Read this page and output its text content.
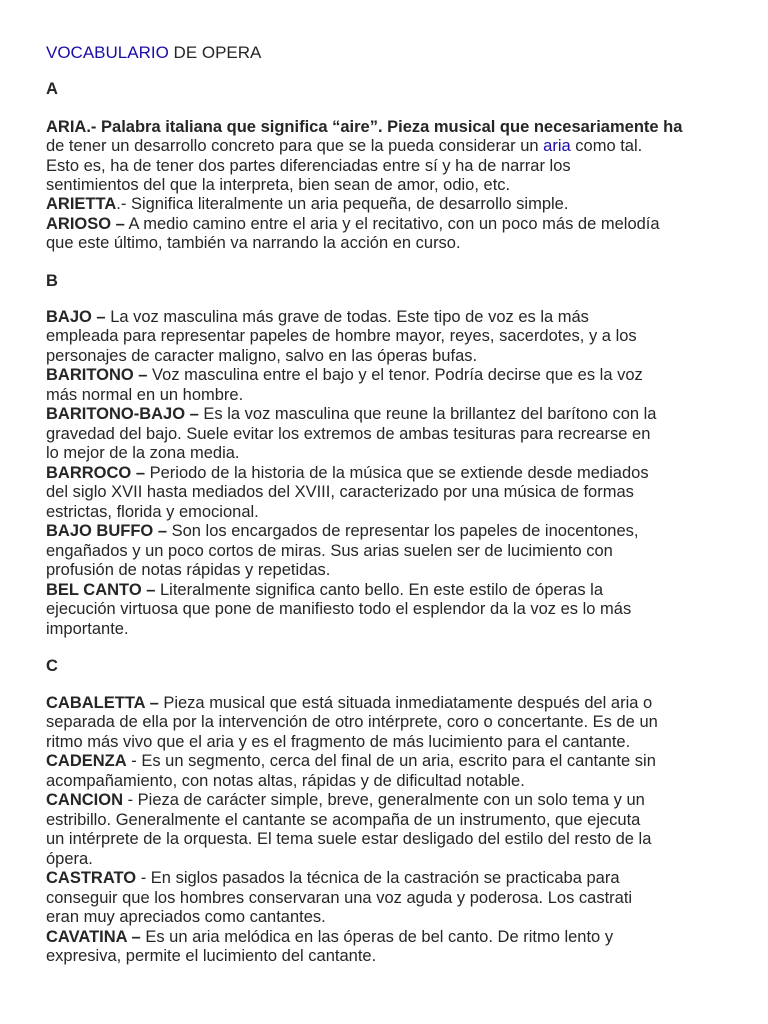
VOCABULARIO DE OPERA
A
ARIA.- Palabra italiana que significa “aire”. Pieza musical que necesariamente ha
de tener un desarrollo concreto para que se la pueda considerar un aria como tal.
Esto es, ha de tener dos partes diferenciadas entre sí y ha de narrar los
sentimientos del que la interpreta, bien sean de amor, odio, etc.
ARIETTA.- Significa literalmente un aria pequeña, de desarrollo simple.
ARIOSO – A medio camino entre el aria y el recitativo, con un poco más de melodía
que este último, también va narrando la acción en curso.
B
BAJO – La voz masculina más grave de todas. Este tipo de voz es la más
empleada para representar papeles de hombre mayor, reyes, sacerdotes, y a los
personajes de caracter maligno, salvo en las óperas bufas.
BARITONO – Voz masculina entre el bajo y el tenor. Podría decirse que es la voz
más normal en un hombre.
BARITONO-BAJO – Es la voz masculina que reune la brillantez del barítono con la
gravedad del bajo. Suele evitar los extremos de ambas tesituras para recrearse en
lo mejor de la zona media.
BARROCO – Periodo de la historia de la música que se extiende desde mediados
del siglo XVII hasta mediados del XVIII, caracterizado por una música de formas
estrictas, florida y emocional.
BAJO BUFFO – Son los encargados de representar los papeles de inocentones,
engañados y un poco cortos de miras. Sus arias suelen ser de lucimiento con
profusión de notas rápidas y repetidas.
BEL CANTO – Literalmente significa canto bello. En este estilo de óperas la
ejecución virtuosa que pone de manifiesto todo el esplendor da la voz es lo más
importante.
C
CABALETTA – Pieza musical que está situada inmediatamente después del aria o
separada de ella por la intervención de otro intérprete, coro o concertante. Es de un
ritmo más vivo que el aria y es el fragmento de más lucimiento para el cantante.
CADENZA - Es un segmento, cerca del final de un aria, escrito para el cantante sin
acompañamiento, con notas altas, rápidas y de dificultad notable.
CANCION - Pieza de carácter simple, breve, generalmente con un solo tema y un
estribillo. Generalmente el cantante se acompaña de un instrumento, que ejecuta
un intérprete de la orquesta. El tema suele estar desligado del estilo del resto de la
ópera.
CASTRATO - En siglos pasados la técnica de la castración se practicaba para
conseguir que los hombres conservaran una voz aguda y poderosa. Los castrati
eran muy apreciados como cantantes.
CAVATINA – Es un aria melódica en las óperas de bel canto. De ritmo lento y
expresiva, permite el lucimiento del cantante.
